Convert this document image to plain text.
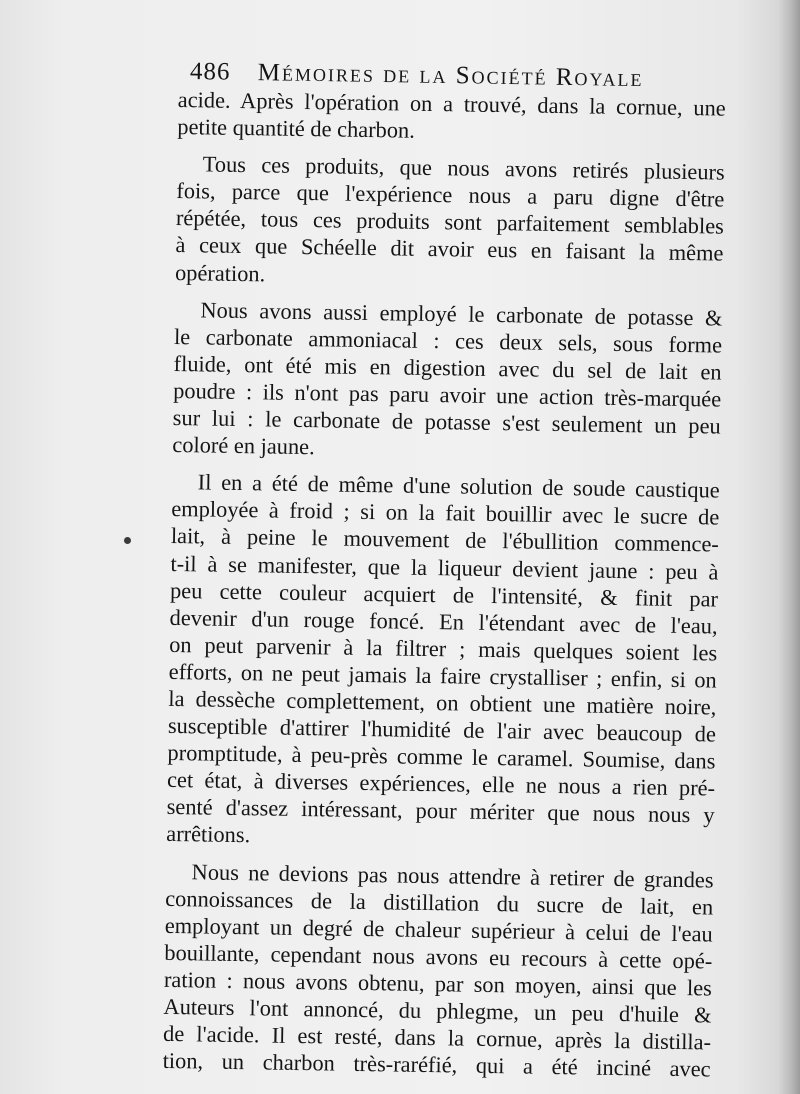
486 Mémoires de la Société Royale
acide. Après l'opération on a trouvé, dans la cornue, une
petite quantité de charbon.
Tous ces produits, que nous avons retirés plusieurs
fois, parce que l'expérience nous a paru digne d'être
répétée, tous ces produits sont parfaitement semblables
à ceux que Schéelle dit avoir eus en faisant la même
opération.
Nous avons aussi employé le carbonate de potasse &
le carbonate ammoniacal : ces deux sels, sous forme
fluide, ont été mis en digestion avec du sel de lait en
poudre : ils n'ont pas paru avoir une action très-marquée
sur lui : le carbonate de potasse s'est seulement un peu
coloré en jaune.
Il en a été de même d'une solution de soude caustique
employée à froid ; si on la fait bouillir avec le sucre de
lait, à peine le mouvement de l'ébullition commence-
t-il à se manifester, que la liqueur devient jaune : peu à
peu cette couleur acquiert de l'intensité, & finit par
devenir d'un rouge foncé. En l'étendant avec de l'eau,
on peut parvenir à la filtrer ; mais quelques soient les
efforts, on ne peut jamais la faire crystalliser ; enfin, si on
la dessèche complettement, on obtient une matière noire,
susceptible d'attirer l'humidité de l'air avec beaucoup de
promptitude, à peu-près comme le caramel. Soumise, dans
cet état, à diverses expériences, elle ne nous a rien pré-
senté d'assez intéressant, pour mériter que nous nous y
arrêtions.
Nous ne devions pas nous attendre à retirer de grandes
connoissances de la distillation du sucre de lait, en
employant un degré de chaleur supérieur à celui de l'eau
bouillante, cependant nous avons eu recours à cette opé-
ration : nous avons obtenu, par son moyen, ainsi que les
Auteurs l'ont annoncé, du phlegme, un peu d'huile &
de l'acide. Il est resté, dans la cornue, après la distilla-
tion, un charbon très-raréfié, qui a été inciné avec
